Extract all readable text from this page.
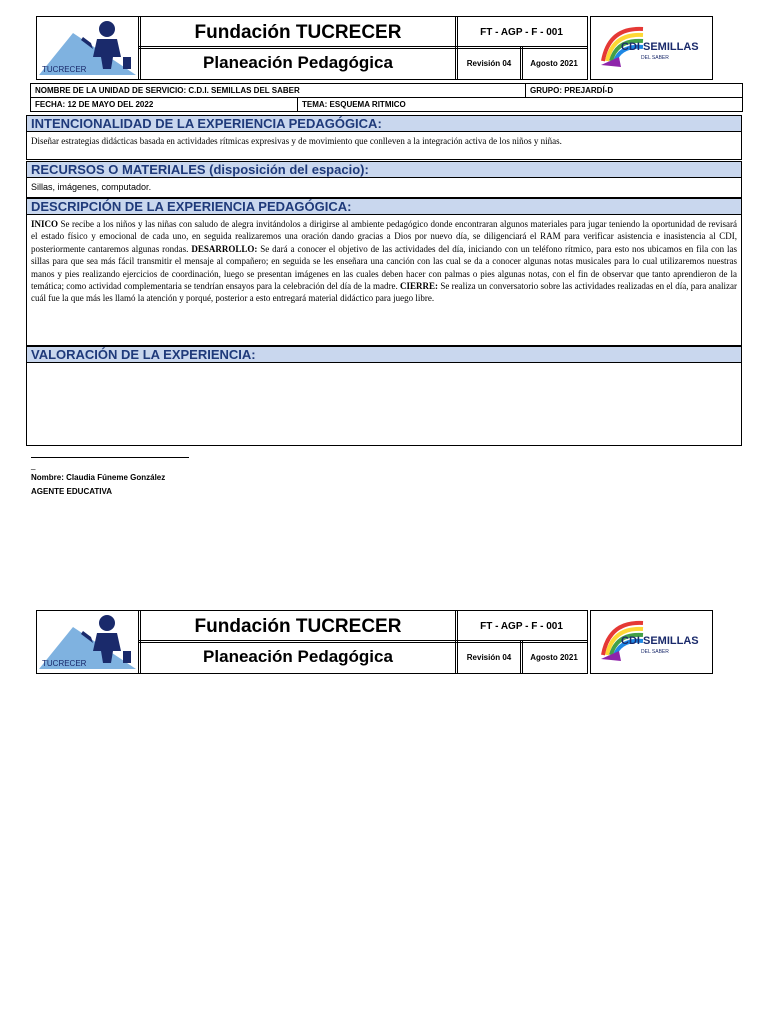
TUCRECER
Fundación TUCRECER
Planeación Pedagógica
FT - AGP - F - 001
Revisión 04	Agosto 2021
CDI SEMILLAS
DEL SABER
NOMBRE DE LA UNIDAD DE SERVICIO: C.D.I. SEMILLAS DEL SABER	GRUPO: PREJARDÍ-D
FECHA: 12 DE MAYO DEL 2022	TEMA: ESQUEMA RITMICO
INTENCIONALIDAD DE LA EXPERIENCIA PEDAGÓGICA:
Diseñar estrategias didácticas basada en actividades rítmicas expresivas y de movimiento que conlleven a la integración activa de los niños y niñas.
RECURSOS O MATERIALES (disposición del espacio):
Sillas, imágenes, computador.
DESCRIPCIÓN DE LA EXPERIENCIA PEDAGÓGICA:
INICO Se recibe a los niños y las niñas con saludo de alegra invitándolos a dirigirse al ambiente pedagógico donde encontraran algunos materiales para jugar teniendo la oportunidad de revisará el estado físico y emocional de cada uno, en seguida realizaremos una oración dando gracias a Dios por nuevo día, se diligenciará el RAM para verificar asistencia e inasistencia al CDI, posteriormente cantaremos algunas rondas. DESARROLLO: Se dará a conocer el objetivo de las actividades del día, iniciando con un teléfono rítmico, para esto nos ubicamos en fila con las sillas para que sea más fácil transmitir el mensaje al compañero; en seguida se les enseñara una canción con las cual se da a conocer algunas notas musicales para lo cual utilizaremos nuestras manos y pies realizando ejercicios de coordinación, luego se presentan imágenes en las cuales deben hacer con palmas o pies algunas notas, con el fin de observar que tanto aprendieron de la temática; como actividad complementaria se tendrían ensayos para la celebración del día de la madre. CIERRE: Se realiza un conversatorio sobre las actividades realizadas en el día, para analizar cuál fue la que más les llamó la atención y porqué, posterior a esto entregará material didáctico para juego libre.
VALORACIÓN DE LA EXPERIENCIA:
_
Nombre: Claudia Fúneme González
AGENTE EDUCATIVA
TUCRECER
Fundación TUCRECER
Planeación Pedagógica
FT - AGP - F - 001
Revisión 04	Agosto 2021
CDI SEMILLAS
DEL SABER
